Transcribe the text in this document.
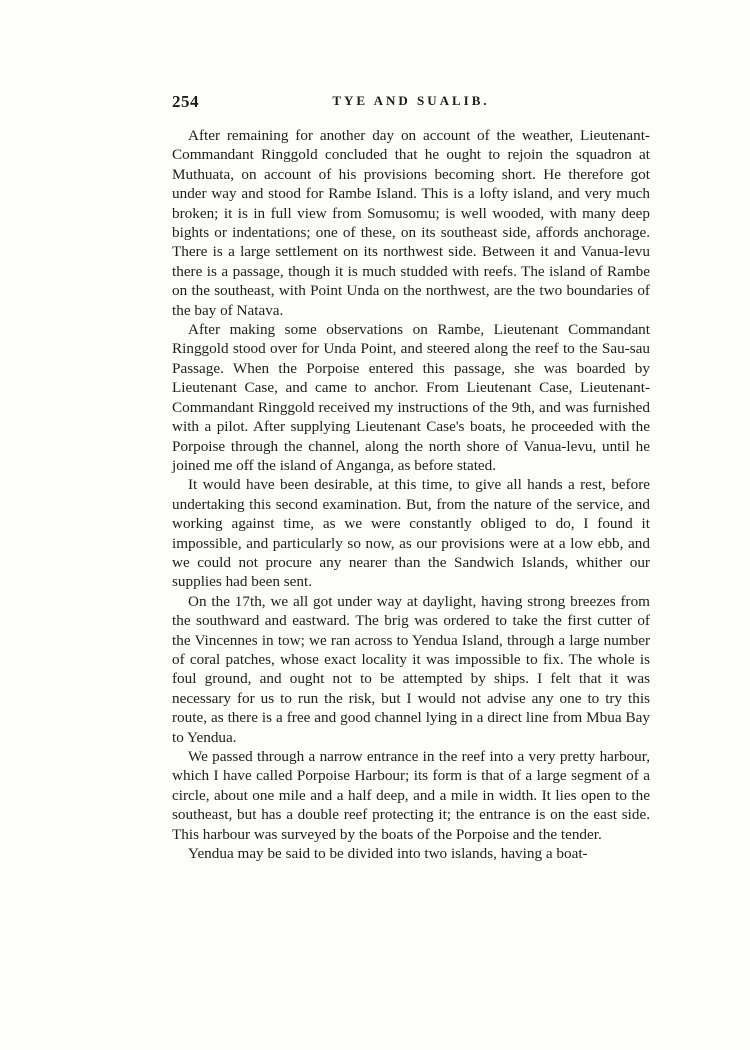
254	TYE AND SUALIB.

After remaining for another day on account of the weather, Lieutenant-Commandant Ringgold concluded that he ought to rejoin the squadron at Muthuata, on account of his provisions becoming short. He therefore got under way and stood for Rambe Island. This is a lofty island, and very much broken; it is in full view from Somusomu; is well wooded, with many deep bights or indentations; one of these, on its southeast side, affords anchorage. There is a large settlement on its northwest side. Between it and Vanua-levu there is a passage, though it is much studded with reefs. The island of Rambe on the southeast, with Point Unda on the northwest, are the two boundaries of the bay of Natava.

After making some observations on Rambe, Lieutenant Commandant Ringgold stood over for Unda Point, and steered along the reef to the Sau-sau Passage. When the Porpoise entered this passage, she was boarded by Lieutenant Case, and came to anchor. From Lieutenant Case, Lieutenant-Commandant Ringgold received my instructions of the 9th, and was furnished with a pilot. After supplying Lieutenant Case's boats, he proceeded with the Porpoise through the channel, along the north shore of Vanua-levu, until he joined me off the island of Anganga, as before stated.

It would have been desirable, at this time, to give all hands a rest, before undertaking this second examination. But, from the nature of the service, and working against time, as we were constantly obliged to do, I found it impossible, and particularly so now, as our provisions were at a low ebb, and we could not procure any nearer than the Sandwich Islands, whither our supplies had been sent.

On the 17th, we all got under way at daylight, having strong breezes from the southward and eastward. The brig was ordered to take the first cutter of the Vincennes in tow; we ran across to Yendua Island, through a large number of coral patches, whose exact locality it was impossible to fix. The whole is foul ground, and ought not to be attempted by ships. I felt that it was necessary for us to run the risk, but I would not advise any one to try this route, as there is a free and good channel lying in a direct line from Mbua Bay to Yendua.

We passed through a narrow entrance in the reef into a very pretty harbour, which I have called Porpoise Harbour; its form is that of a large segment of a circle, about one mile and a half deep, and a mile in width. It lies open to the southeast, but has a double reef protecting it; the entrance is on the east side. This harbour was surveyed by the boats of the Porpoise and the tender.

Yendua may be said to be divided into two islands, having a boat-
